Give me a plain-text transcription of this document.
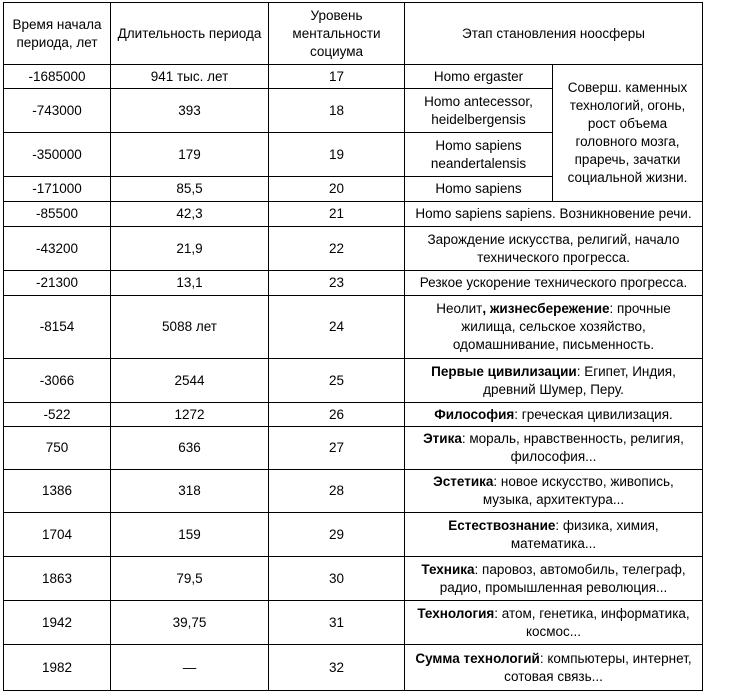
Время начала периода, лет	Длительность периода	Уровень ментальности социума	Этап становления ноосферы	
-1685000	941 тыс. лет	17	Homo ergaster	Соверш. каменных технологий, огонь, рост объема головного мозга, прaречь, зачатки социальной жизни.
-743000	393	18	Homo antecessor, heidelbergensis	
-350000	179	19	Homo sapiens neandertalensis	
-171000	85,5	20	Homo sapiens	
-85500	42,3	21	Homo sapiens sapiens. Возникновение речи.	
-43200	21,9	22	Зарождение искусства, религий, начало технического прогресса.	
-21300	13,1	23	Резкое ускорение технического прогресса.	
-8154	5088 лет	24	Неолит, жизнесбережение: прочные жилища, сельское хозяйство, одомашнивание, письменность.	
-3066	2544	25	Первые цивилизации: Египет, Индия, древний Шумер, Перу.	
-522	1272	26	Философия: греческая цивилизация.	
750	636	27	Этика: мораль, нравственность, религия, философия...	
1386	318	28	Эстетика: новое искусство, живопись, музыка, архитектура...	
1704	159	29	Естествознание: физика, химия, математика...	
1863	79,5	30	Техника: паровоз, автомобиль, телеграф, радио, промышленная революция...	
1942	39,75	31	Технология: атом, генетика, информатика, космос...	
1982	—	32	Сумма технологий: компьютеры, интернет, сотовая связь...	
